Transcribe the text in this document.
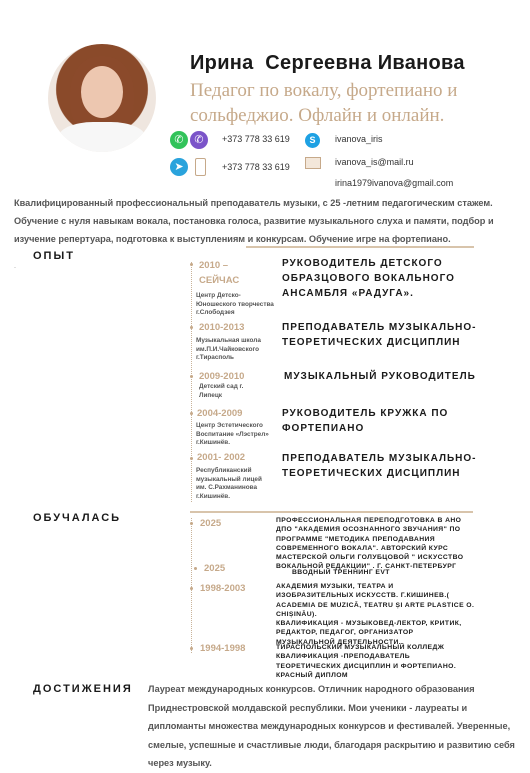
Ирина  Сергеевна Иванова
Педагог по вокалу, фортепиано и сольфеджио. Офлайн и онлайн.
✆ ✆	+373 778 33 619	S	ivanova_iris
➤	+373 778 33 619	ivanova_is@mail.ru
irina1979ivanova@gmail.com
Квалифицированный профессиональный преподаватель музыки, с 25 -летним педагогическим стажем. Обучение с нуля навыкам вокала, постановка голоса, развитие музыкального слуха и памяти, подбор и изучение репертуара, подготовка к выступлениям и конкурсам. Обучение игре на фортепиано.
ОПЫТ
·	2010 –
СЕЙЧАС
Центр Детско-
Юношеского творчества
г.Слободзея
РУКОВОДИТЕЛЬ ДЕТСКОГО
ОБРАЗЦОВОГО ВОКАЛЬНОГО
АНСАМБЛЯ «РАДУГА».
2010-2013
Музыкальная школа
им.П.И.Чайковского
г.Тирасполь
ПРЕПОДАВАТЕЛЬ МУЗЫКАЛЬНО-
ТЕОРЕТИЧЕСКИХ ДИСЦИПЛИН
2009-2010
Детский сад г.
Липецк
МУЗЫКАЛЬНЫЙ РУКОВОДИТЕЛЬ
2004-2009
Центр Эстетического
Воспитание «Лэстрел»
г.Кишинёв.
РУКОВОДИТЕЛЬ КРУЖКА ПО
ФОРТЕПИАНО
2001- 2002
Республиканский
музыкальный лицей
им. С.Рахманинова
г.Кишинёв.
ПРЕПОДАВАТЕЛЬ МУЗЫКАЛЬНО-
ТЕОРЕТИЧЕСКИХ ДИСЦИПЛИН
ОБУЧАЛАСЬ	2025	ПРОФЕССИОНАЛЬНАЯ ПЕРЕПОДГОТОВКА В АНО
ДПО "АКАДЕМИЯ ОСОЗНАННОГО ЗВУЧАНИЯ" ПО
ПРОГРАММЕ "МЕТОДИКА ПРЕПОДАВАНИЯ
СОВРЕМЕННОГО ВОКАЛА". АВТОРСКИЙ КУРС
МАСТЕРСКОЙ ОЛЬГИ ГОЛУБЦОВОЙ " ИСКУССТВО
ВОКАЛЬНОЙ РЕДАКЦИИ" . Г. САНКТ-ПЕТЕРБУРГ
2025	ВВОДНЫЙ ТРЕННИНГ EVT
1998-2003	АКАДЕМИЯ МУЗЫКИ, ТЕАТРА И
ИЗОБРАЗИТЕЛЬНЫХ ИСКУССТВ. Г.КИШИНЕВ.(
ACADEMIA DE MUZICĂ, TEATRU ȘI ARTE PLASTICE O.
CHIȘINĂU).
КВАЛИФИКАЦИЯ - МУЗЫКОВЕД-ЛЕКТОР, КРИТИК,
РЕДАКТОР, ПЕДАГОГ, ОРГАНИЗАТОР
МУЗЫКАЛЬНОЙ ДЕЯТЕЛЬНОСТИ.
1994-1998	ТИРАСПОЛЬСКИЙ МУЗЫКАЛЬНЫЙ КОЛЛЕДЖ
КВАЛИФИКАЦИЯ -ПРЕПОДАВАТЕЛЬ
ТЕОРЕТИЧЕСКИХ ДИСЦИПЛИН И ФОРТЕПИАНО.
КРАСНЫЙ ДИПЛОМ
ДОСТИЖЕНИЯ Лауреат международных конкурсов. Отличник народного образования Приднестровской молдавской республики. Мои ученики - лауреаты и дипломанты множества международных конкурсов и фестивалей. Уверенные, смелые, успешные и счастливые люди, благодаря раскрытию и развитию себя через музыку.
